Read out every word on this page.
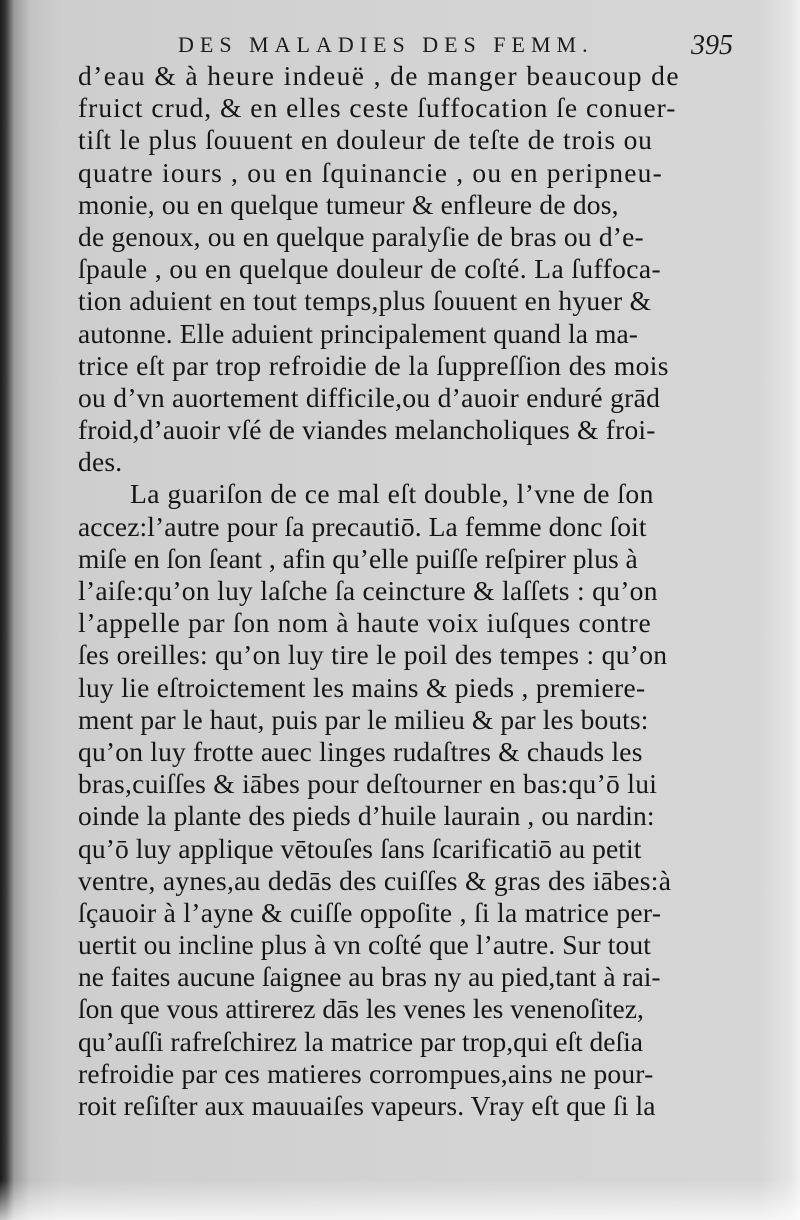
DES MALADIES DES FEMM.	395
d’eau & à heure indeuë , de manger beaucoup de
fruict crud, & en elles ceste ſuffocation ſe conuer-
tiſt le plus ſouuent en douleur de teſte de trois ou
quatre iours , ou en ſquinancie , ou en peripneu-
monie, ou en quelque tumeur & enfleure de dos,
de genoux, ou en quelque paralyſie de bras ou d’e-
ſpaule , ou en quelque douleur de coſté. La ſuffoca-
tion aduient en tout temps,plus ſouuent en hyuer &
autonne. Elle aduient principalement quand la ma-
trice eſt par trop refroidie de la ſuppreſſion des mois
ou d’vn auortement difficile,ou d’auoir enduré grād
froid,d’auoir vſé de viandes melancholiques & froi-
des.
La guariſon de ce mal eſt double, l’vne de ſon
accez:l’autre pour ſa precautiō. La femme donc ſoit
miſe en ſon ſeant , afin qu’elle puiſſe reſpirer plus à
l’aiſe:qu’on luy laſche ſa ceincture & laſſets : qu’on
l’appelle par ſon nom à haute voix iuſques contre
ſes oreilles: qu’on luy tire le poil des tempes : qu’on
luy lie eſtroictement les mains & pieds , premiere-
ment par le haut, puis par le milieu & par les bouts:
qu’on luy frotte auec linges rudaſtres & chauds les
bras,cuiſſes & iābes pour deſtourner en bas:qu’ō lui
oinde la plante des pieds d’huile laurain , ou nardin:
qu’ō luy applique vētouſes ſans ſcarificatiō au petit
ventre, aynes,au dedās des cuiſſes & gras des iābes:à
ſçauoir à l’ayne & cuiſſe oppoſite , ſi la matrice per-
uertit ou incline plus à vn coſté que l’autre. Sur tout
ne faites aucune ſaignee au bras ny au pied,tant à rai-
ſon que vous attirerez dās les venes les venenoſitez,
qu’auſſi rafreſchirez la matrice par trop,qui eſt deſia
refroidie par ces matieres corrompues,ains ne pour-
roit reſiſter aux mauuaiſes vapeurs. Vray eſt que ſi la
